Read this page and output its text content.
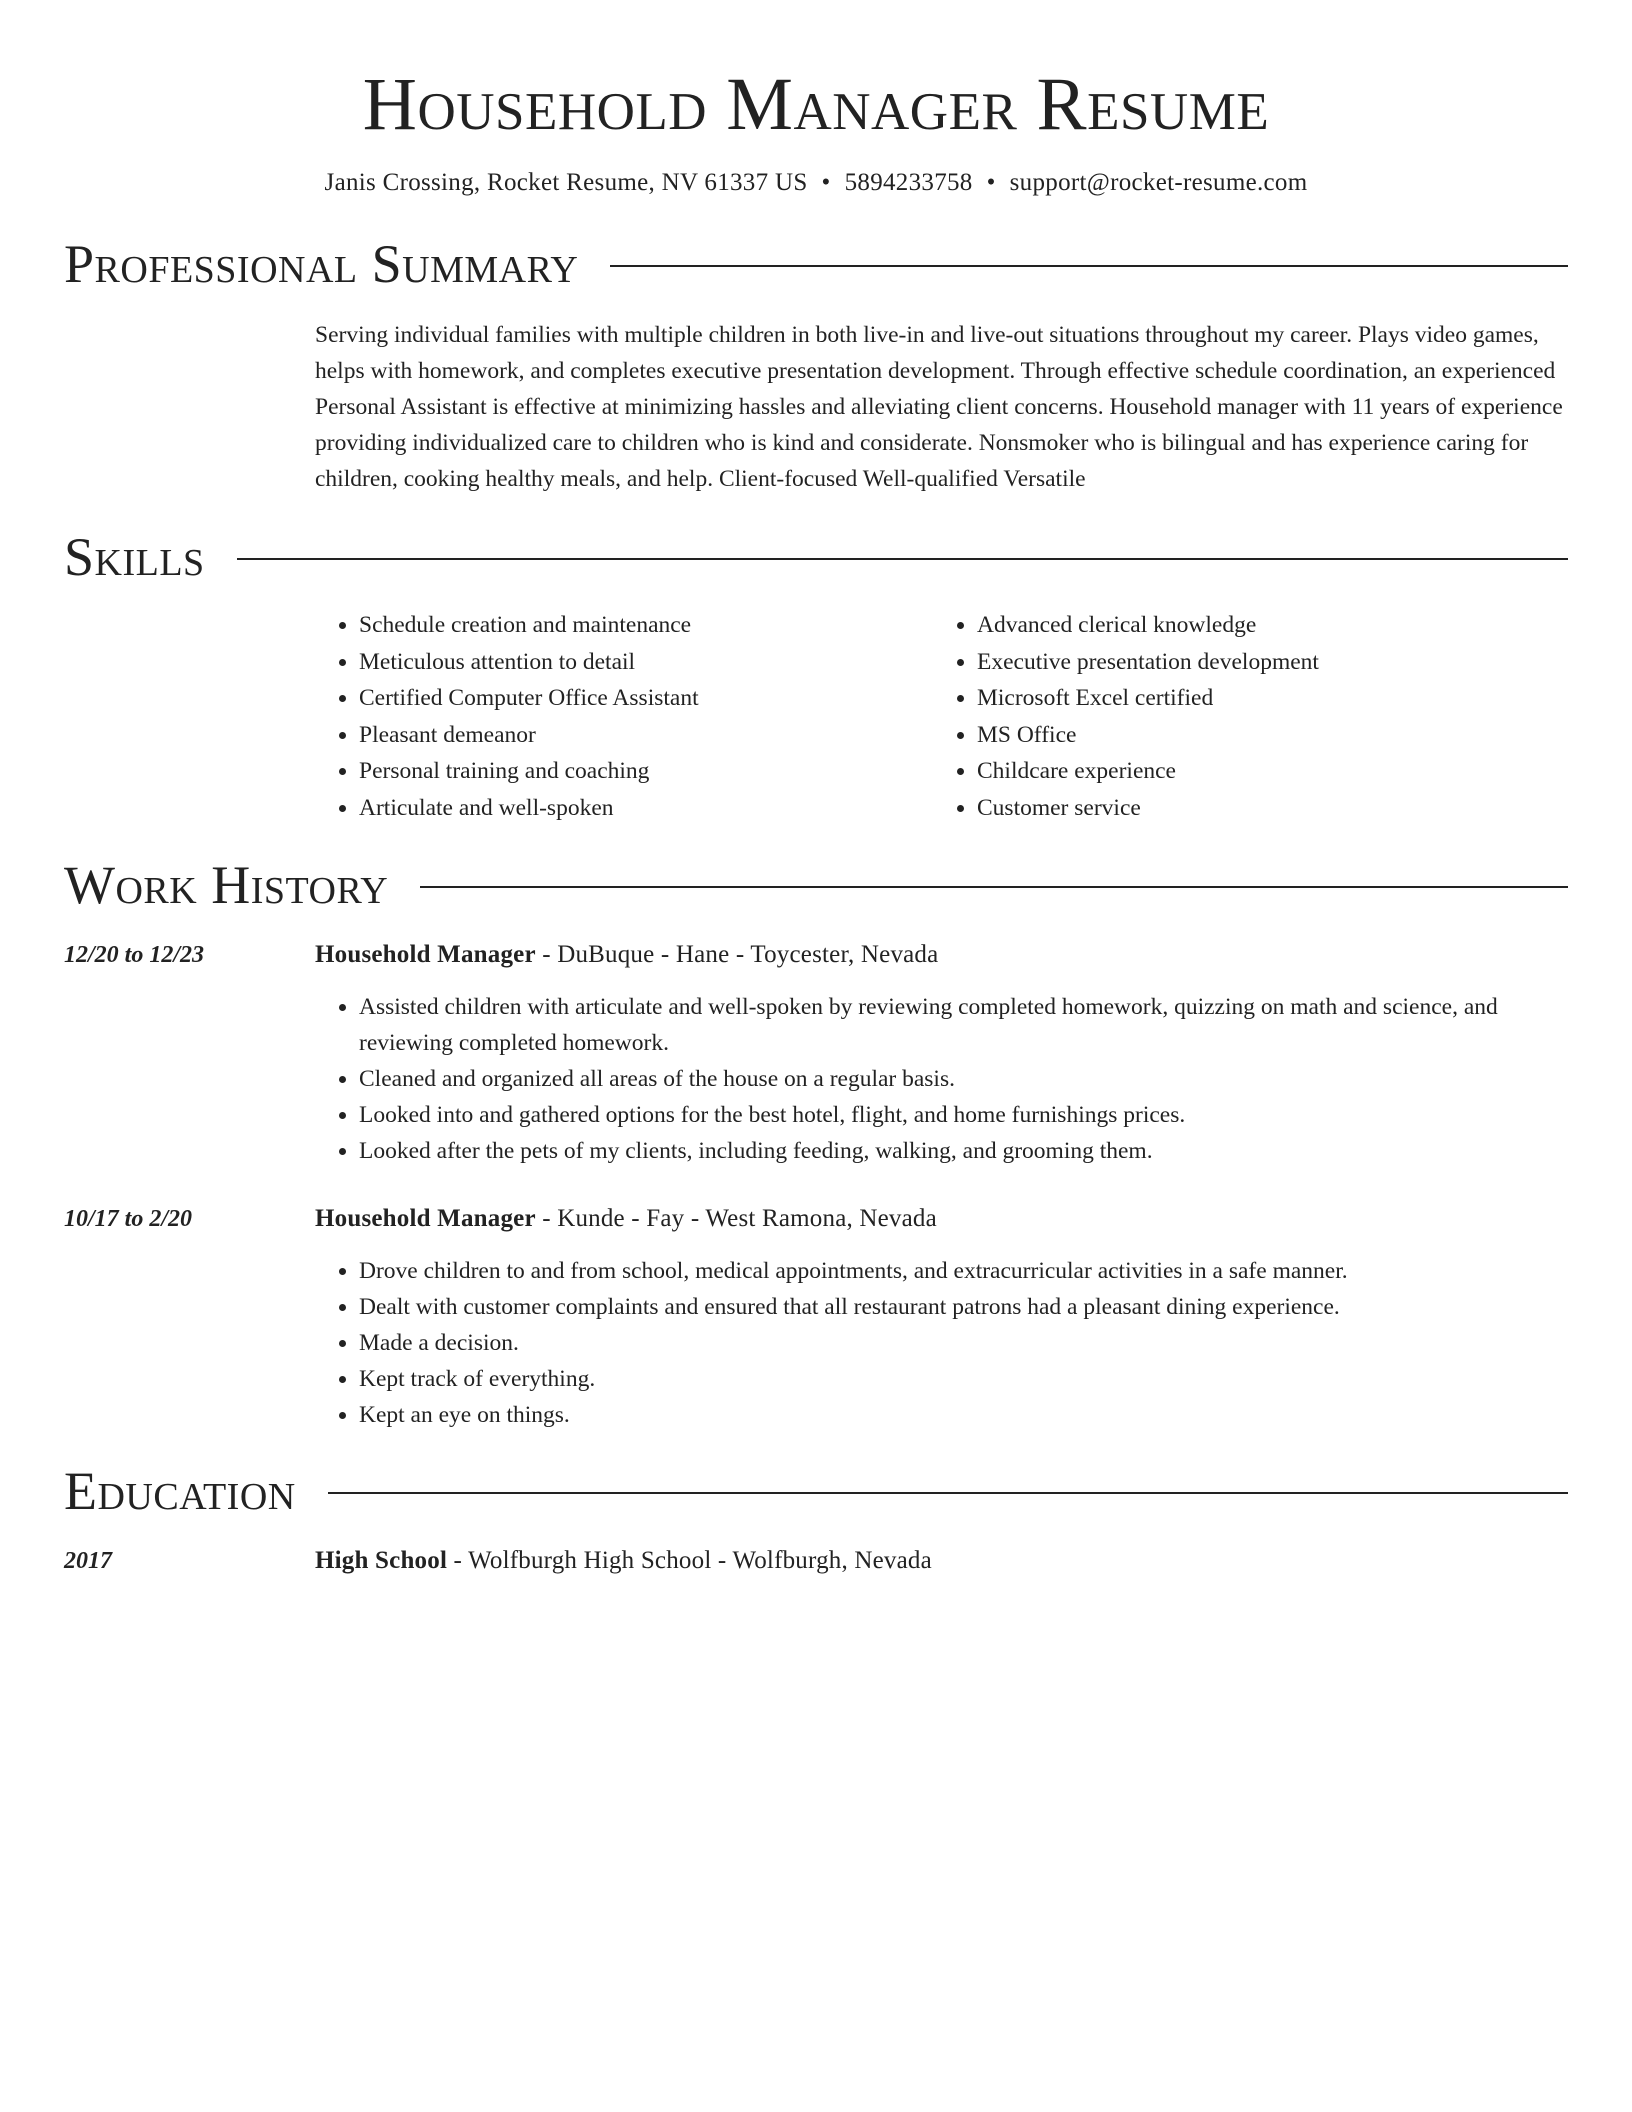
Household Manager Resume
Janis Crossing, Rocket Resume, NV 61337 US • 5894233758 • support@rocket-resume.com
Professional Summary
Serving individual families with multiple children in both live-in and live-out situations throughout my career. Plays video games, helps with homework, and completes executive presentation development. Through effective schedule coordination, an experienced Personal Assistant is effective at minimizing hassles and alleviating client concerns. Household manager with 11 years of experience providing individualized care to children who is kind and considerate. Nonsmoker who is bilingual and has experience caring for children, cooking healthy meals, and help. Client-focused Well-qualified Versatile
Skills
• Schedule creation and maintenance
• Meticulous attention to detail
• Certified Computer Office Assistant
• Pleasant demeanor
• Personal training and coaching
• Articulate and well-spoken
• Advanced clerical knowledge
• Executive presentation development
• Microsoft Excel certified
• MS Office
• Childcare experience
• Customer service
Work History
12/20 to 12/23	Household Manager - DuBuque - Hane - Toycester, Nevada
• Assisted children with articulate and well-spoken by reviewing completed homework, quizzing on math and science, and reviewing completed homework.
• Cleaned and organized all areas of the house on a regular basis.
• Looked into and gathered options for the best hotel, flight, and home furnishings prices.
• Looked after the pets of my clients, including feeding, walking, and grooming them.
10/17 to 2/20	Household Manager - Kunde - Fay - West Ramona, Nevada
• Drove children to and from school, medical appointments, and extracurricular activities in a safe manner.
• Dealt with customer complaints and ensured that all restaurant patrons had a pleasant dining experience.
• Made a decision.
• Kept track of everything.
• Kept an eye on things.
Education
2017	High School - Wolfburgh High School - Wolfburgh, Nevada
